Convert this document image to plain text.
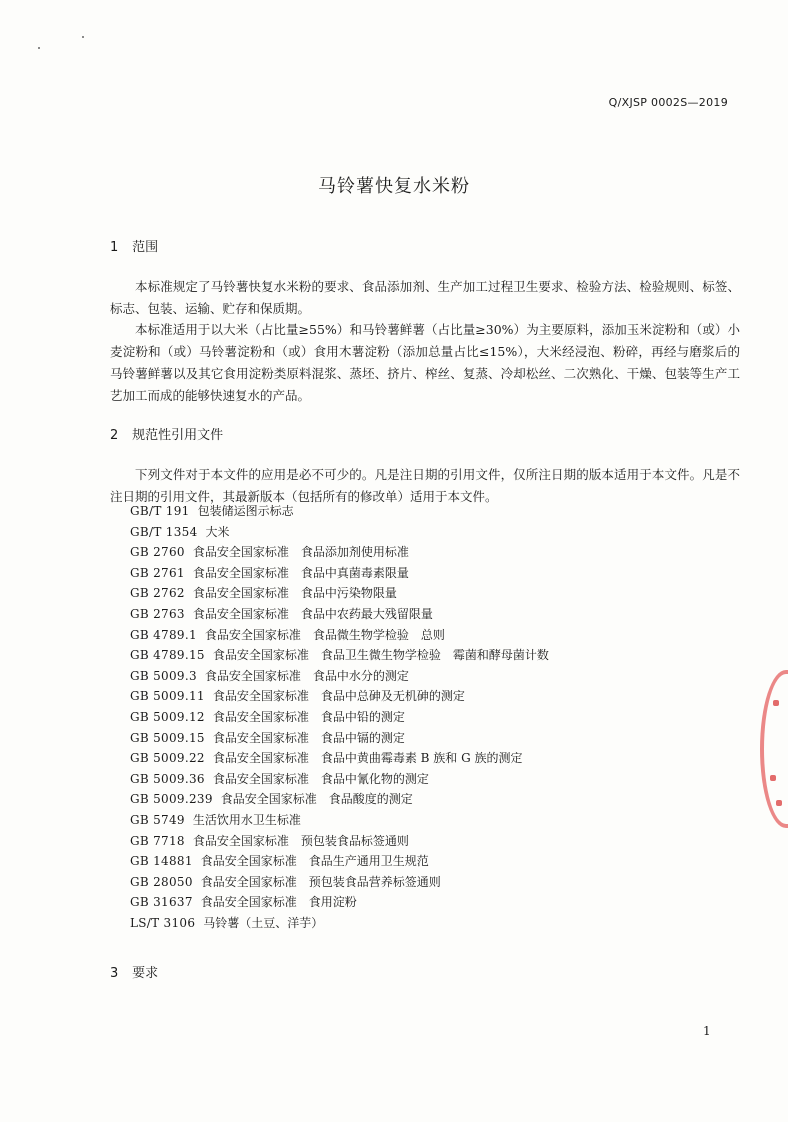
Q/XJSP 0002S—2019
马铃薯快复水米粉
1 范围

本标准规定了马铃薯快复水米粉的要求、食品添加剂、生产加工过程卫生要求、检验方法、检验规则、标签、标志、包装、运输、贮存和保质期。

本标准适用于以大米（占比量≥55%）和马铃薯鲜薯（占比量≥30%）为主要原料，添加玉米淀粉和（或）小麦淀粉和（或）马铃薯淀粉和（或）食用木薯淀粉（添加总量占比≤15%），大米经浸泡、粉碎，再经与磨浆后的马铃薯鲜薯以及其它食用淀粉类原料混浆、蒸坯、挤片、榨丝、复蒸、冷却松丝、二次熟化、干燥、包装等生产工艺加工而成的能够快速复水的产品。

2 规范性引用文件

下列文件对于本文件的应用是必不可少的。凡是注日期的引用文件，仅所注日期的版本适用于本文件。凡是不注日期的引用文件，其最新版本（包括所有的修改单）适用于本文件。

GB/T 191 包装储运图示标志
GB/T 1354 大米
GB 2760 食品安全国家标准　食品添加剂使用标准
GB 2761 食品安全国家标准　食品中真菌毒素限量
GB 2762 食品安全国家标准　食品中污染物限量
GB 2763 食品安全国家标准　食品中农药最大残留限量
GB 4789.1 食品安全国家标准　食品微生物学检验　总则
GB 4789.15 食品安全国家标准　食品卫生微生物学检验　霉菌和酵母菌计数
GB 5009.3 食品安全国家标准　食品中水分的测定
GB 5009.11 食品安全国家标准　食品中总砷及无机砷的测定
GB 5009.12 食品安全国家标准　食品中铅的测定
GB 5009.15 食品安全国家标准　食品中镉的测定
GB 5009.22 食品安全国家标准　食品中黄曲霉毒素 B 族和 G 族的测定
GB 5009.36 食品安全国家标准　食品中氰化物的测定
GB 5009.239 食品安全国家标准　食品酸度的测定
GB 5749 生活饮用水卫生标准
GB 7718 食品安全国家标准　预包装食品标签通则
GB 14881 食品安全国家标准　食品生产通用卫生规范
GB 28050 食品安全国家标准　预包装食品营养标签通则
GB 31637 食品安全国家标准　食用淀粉
LS/T 3106 马铃薯（土豆、洋芋）
3 要求
1
